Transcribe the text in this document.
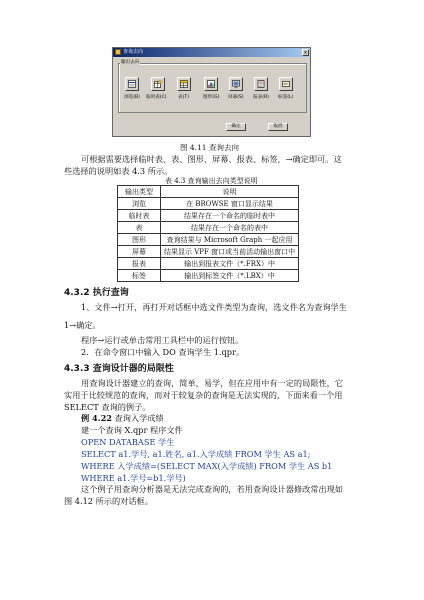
查询去向	×
输出去向
浏览(B) 临时表(C) 表(T)	图形(G) 屏幕(S) 报表(R) 标签(L)
确定	取消
图 4.11 查询去向
可根据需要选择临时表、表、图形、屏幕、报表、标签，→确定即可。这
些选择的说明如表 4.3 所示。
表 4.3 查询输出去向类型说明
输出类型	说明
浏览	在 BROWSE 窗口显示结果
临时表	结果存在一个命名的临时表中
表	结果存在一个命名的表中
图形	查询结果与 Microsoft Graph 一起应用
屏幕	结果显示 VPF 窗口或当前活动输出窗口中
报表	输出到报表文件（*.FRX）中
标签	输出到标签文件（*.LBX）中
4.3.2 执行查询
1、文件→打开，再打开对话框中选文件类型为查询，选文件名为查询学生
1→确定。
程序→运行或单击常用工具栏中的运行按钮。
2．在命令窗口中输入 DO 查询学生 1.qpr。
4.3.3 查询设计器的局限性
用查询设计器建立的查询，简单，易学，但在应用中有一定的局限性，它
实用于比较规范的查询，而对于较复杂的查询是无法实现的，下面来看一个用
SELECT 查询的例子。
例 4.22 查询入学成绩
建一个查询 X.qpr 程序文件
OPEN DATABASE 学生
SELECT a1.学号, a1.姓名, a1.入学成绩 FROM 学生 AS a1;
WHERE 入学成绩=(SELECT MAX(入学成绩) FROM 学生 AS b1
WHERE a1.学号=b1.学号)
这个例子用查询分析器是无法完成查询的，若用查询设计器修改常出现如
图 4.12 所示的对话框。
